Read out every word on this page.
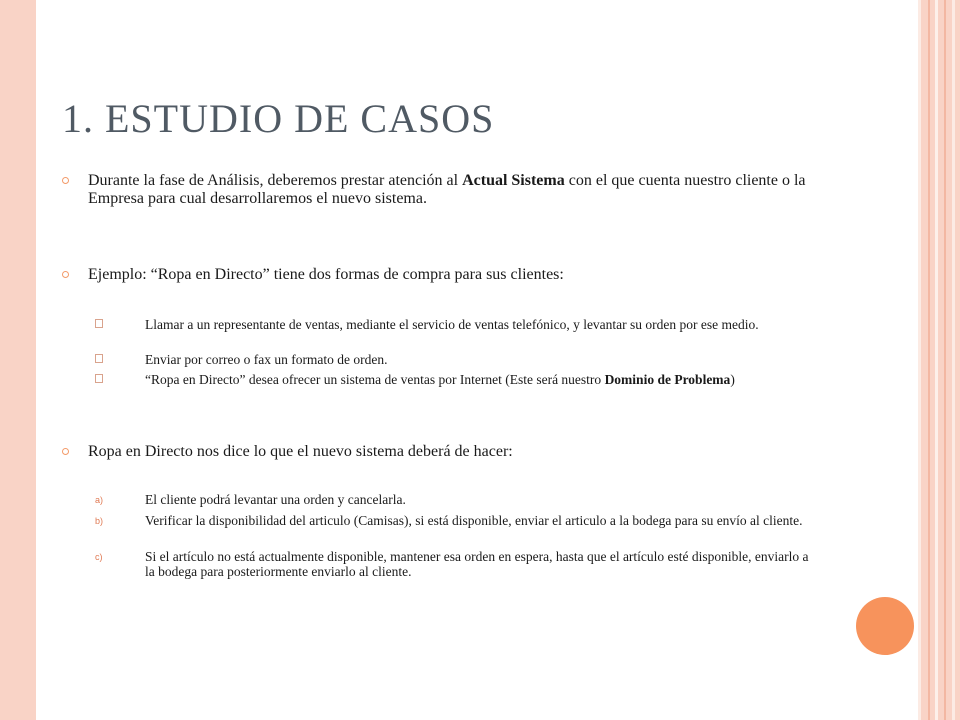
1. ESTUDIO DE CASOS
Durante la fase de Análisis, deberemos prestar atención al Actual Sistema con el que cuenta nuestro cliente o la Empresa para cual desarrollaremos el nuevo sistema.
Ejemplo: “Ropa en Directo” tiene dos formas de compra para sus clientes:
Llamar a un representante de ventas, mediante el servicio de ventas telefónico, y levantar su orden por ese medio.
Enviar por correo o fax un formato de orden.
“Ropa en Directo” desea ofrecer un sistema de ventas por Internet (Este será nuestro Dominio de Problema)
Ropa en Directo nos dice lo que el nuevo sistema deberá de hacer:
a)	El cliente podrá levantar una orden y cancelarla.
b)	Verificar la disponibilidad del articulo (Camisas), si está disponible, enviar el articulo a la bodega para su envío al cliente.
c)	Si el artículo no está actualmente disponible, mantener esa orden en espera, hasta que el artículo esté disponible, enviarlo a la bodega para posteriormente enviarlo al cliente.
